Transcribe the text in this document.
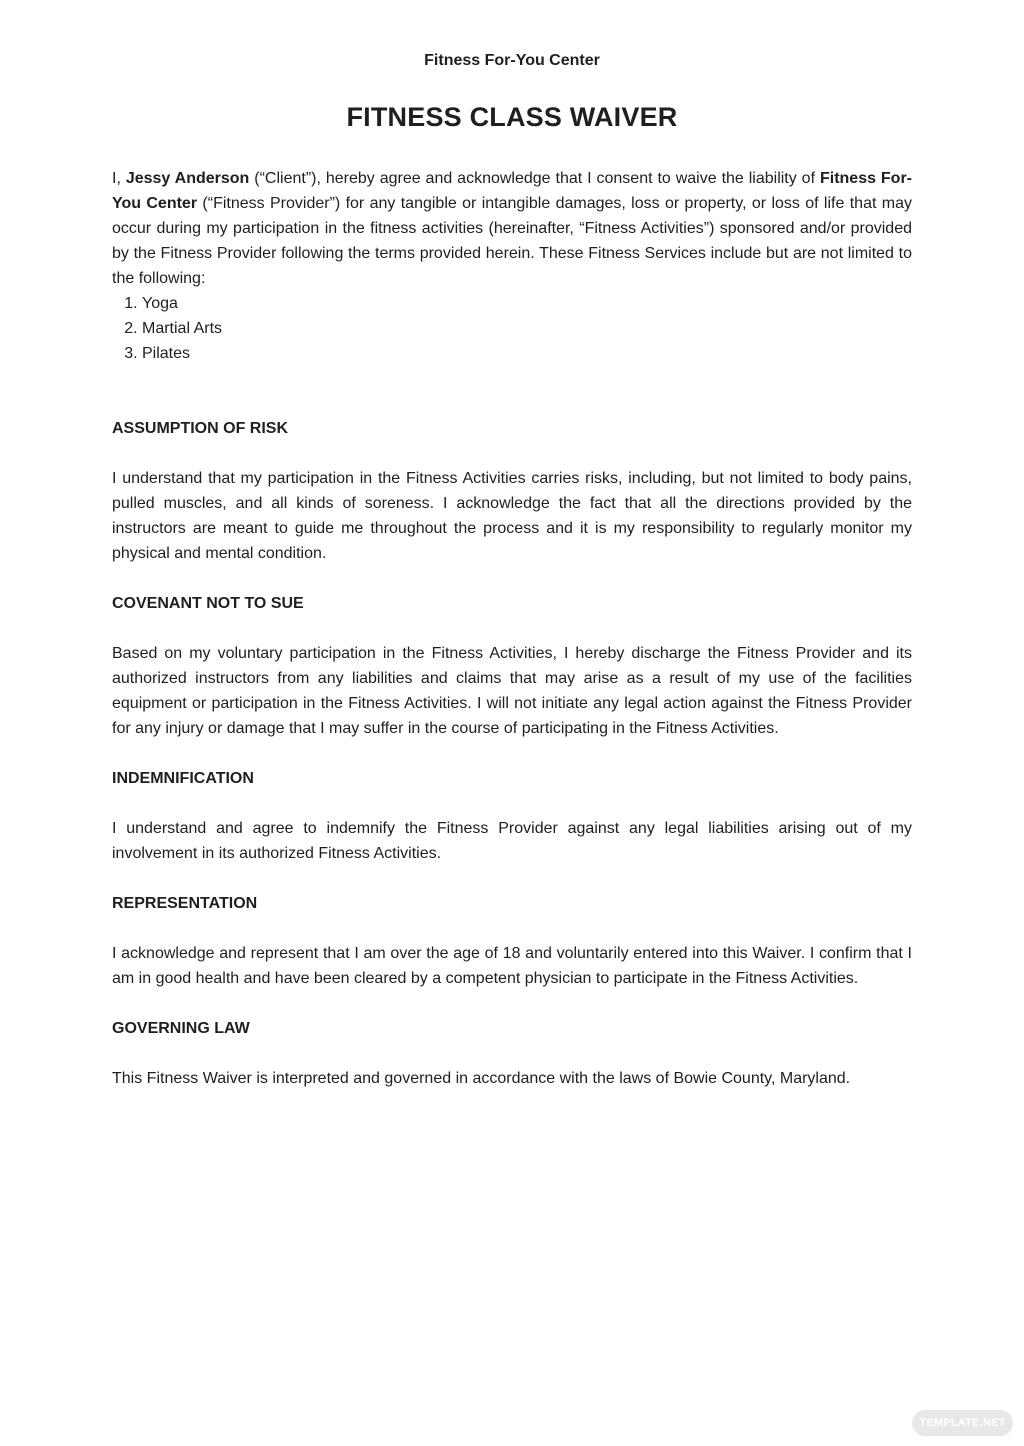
Fitness For-You Center
FITNESS CLASS WAIVER

I, Jessy Anderson (“Client”), hereby agree and acknowledge that I consent to waive the liability of Fitness For-You Center (“Fitness Provider”) for any tangible or intangible damages, loss or property, or loss of life that may occur during my participation in the fitness activities (hereinafter, “Fitness Activities”) sponsored and/or provided by the Fitness Provider following the terms provided herein. These Fitness Services include but are not limited to the following:

1. Yoga
2. Martial Arts
3. Pilates
ASSUMPTION OF RISK

I understand that my participation in the Fitness Activities carries risks, including, but not limited to body pains, pulled muscles, and all kinds of soreness. I acknowledge the fact that all the directions provided by the instructors are meant to guide me throughout the process and it is my responsibility to regularly monitor my physical and mental condition.

COVENANT NOT TO SUE

Based on my voluntary participation in the Fitness Activities, I hereby discharge the Fitness Provider and its authorized instructors from any liabilities and claims that may arise as a result of my use of the facilities equipment or participation in the Fitness Activities. I will not initiate any legal action against the Fitness Provider for any injury or damage that I may suffer in the course of participating in the Fitness Activities.

INDEMNIFICATION

I understand and agree to indemnify the Fitness Provider against any legal liabilities arising out of my involvement in its authorized Fitness Activities.

REPRESENTATION

I acknowledge and represent that I am over the age of 18 and voluntarily entered into this Waiver. I confirm that I am in good health and have been cleared by a competent physician to participate in the Fitness Activities.

GOVERNING LAW

This Fitness Waiver is interpreted and governed in accordance with the laws of Bowie County, Maryland.

TEMPLATE.NET
